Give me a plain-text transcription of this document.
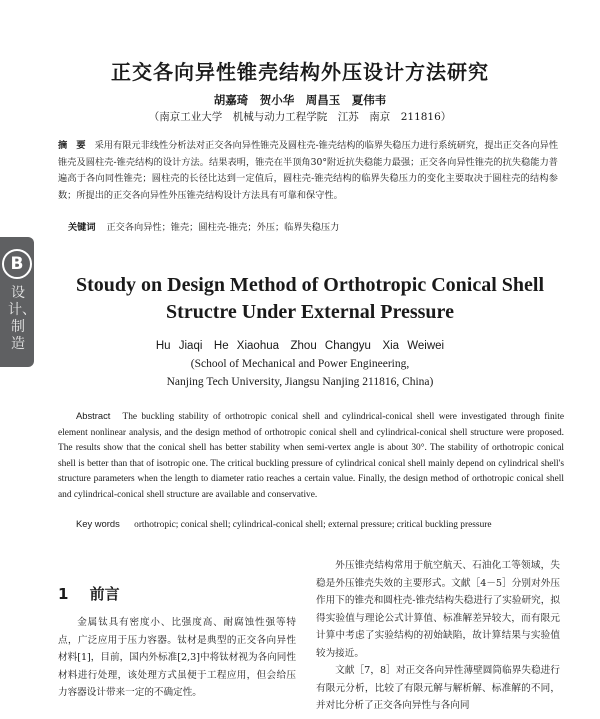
正交各向异性锥壳结构外压设计方法研究
胡嘉琦　贺小华　周昌玉　夏伟韦
（南京工业大学　机械与动力工程学院　江苏　南京　211816）
摘　要 采用有限元非线性分析法对正交各向异性锥壳及圆柱壳-锥壳结构的临界失稳压力进行系统研究，提出正交各向异性锥壳及圆柱壳-锥壳结构的设计方法。结果表明，锥壳在半顶角30°附近抗失稳能力最强；正交各向异性锥壳的抗失稳能力普遍高于各向同性锥壳；圆柱壳的长径比达到一定值后，圆柱壳-锥壳结构的临界失稳压力的变化主要取决于圆柱壳的结构参数；所提出的正交各向异性外压锥壳结构设计方法具有可靠和保守性。
关键词 正交各向异性；锥壳；圆柱壳-锥壳；外压；临界失稳压力
B
设计、制造
Stoudy on Design Method of Orthotropic Conical Shell Structre Under External Pressure
Hu Jiaqi　He Xiaohua　Zhou Changyu　Xia Weiwei
(School of Mechanical and Power Engineering,
Nanjing Tech University, Jiangsu Nanjing 211816, China)
Abstract The buckling stability of orthotropic conical shell and cylindrical-conical shell were investigated through finite element nonlinear analysis, and the design method of orthotropic conical shell and cylindrical-conical shell structure were proposed. The results show that the conical shell has better stability when semi-vertex angle is about 30°. The stability of orthotropic conical shell is better than that of isotropic one. The critical buckling pressure of cylindrical conical shell mainly depend on cylindrical shell's structure parameters when the length to diameter ratio reaches a certain value. Finally, the design method of orthotropic conical shell and cylindrical-conical shell structure are available and conservative.
Key words orthotropic; conical shell; cylindrical-conical shell; external pressure; critical buckling pressure
1 前言

金属钛具有密度小、比强度高、耐腐蚀性强等特点，广泛应用于压力容器。钛材是典型的正交各向异性材料[1]，目前，国内外标准[2,3]中将钛材视为各向同性材料进行处理，该处理方式虽便于工程应用，但会给压力容器设计带来一定的不确定性。

外压锥壳结构常用于航空航天、石油化工等领域，失稳是外压锥壳失效的主要形式。文献［4－5］分别对外压作用下的锥壳和圆柱壳-锥壳结构失稳进行了实验研究，拟得实验值与理论公式计算值、标准解差异较大，而有限元计算中考虑了实验结构的初始缺陷，故计算结果与实验值较为接近。

文献［7，8］对正交各向异性薄壁圆筒临界失稳进行有限元分析，比较了有限元解与解析解、标准解的不同，并对比分析了正交各向异性与各向同
